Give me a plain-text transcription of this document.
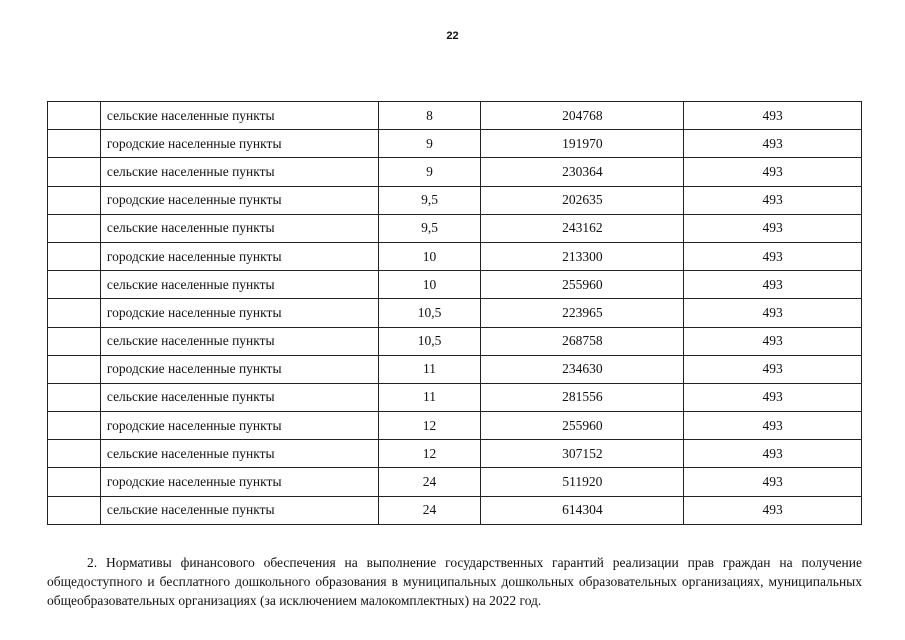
22
	сельские населенные пункты	8	204768	493
	городские населенные пункты	9	191970	493
	сельские населенные пункты	9	230364	493
	городские населенные пункты	9,5	202635	493
	сельские населенные пункты	9,5	243162	493
	городские населенные пункты	10	213300	493
	сельские населенные пункты	10	255960	493
	городские населенные пункты	10,5	223965	493
	сельские населенные пункты	10,5	268758	493
	городские населенные пункты	11	234630	493
	сельские населенные пункты	11	281556	493
	городские населенные пункты	12	255960	493
	сельские населенные пункты	12	307152	493
	городские населенные пункты	24	511920	493
	сельские населенные пункты	24	614304	493
2. Нормативы финансового обеспечения на выполнение государственных гарантий реализации прав граждан на получение общедоступного и бесплатного дошкольного образования в муниципальных дошкольных образовательных организациях, муниципальных общеобразовательных организациях (за исключением малокомплектных) на 2022 год.
